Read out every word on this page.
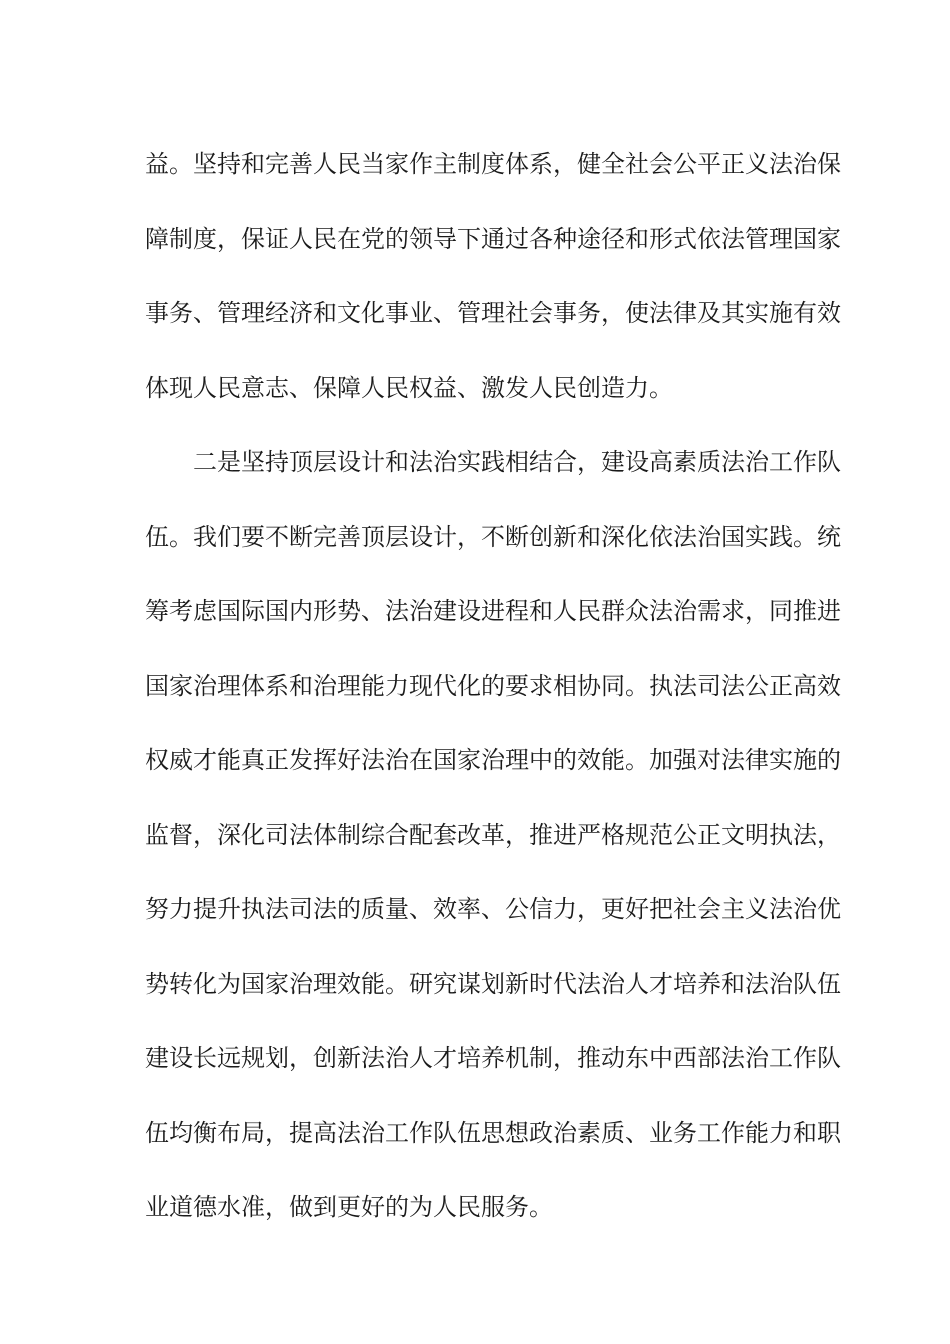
益。坚持和完善人民当家作主制度体系，健全社会公平正义法治保
障制度，保证人民在党的领导下通过各种途径和形式依法管理国家
事务、管理经济和文化事业、管理社会事务，使法律及其实施有效
体现人民意志、保障人民权益、激发人民创造力。
二是坚持顶层设计和法治实践相结合，建设高素质法治工作队
伍。我们要不断完善顶层设计，不断创新和深化依法治国实践。统
筹考虑国际国内形势、法治建设进程和人民群众法治需求，同推进
国家治理体系和治理能力现代化的要求相协同。执法司法公正高效
权威才能真正发挥好法治在国家治理中的效能。加强对法律实施的
监督，深化司法体制综合配套改革，推进严格规范公正文明执法，
努力提升执法司法的质量、效率、公信力，更好把社会主义法治优
势转化为国家治理效能。研究谋划新时代法治人才培养和法治队伍
建设长远规划，创新法治人才培养机制，推动东中西部法治工作队
伍均衡布局，提高法治工作队伍思想政治素质、业务工作能力和职
业道德水准，做到更好的为人民服务。
